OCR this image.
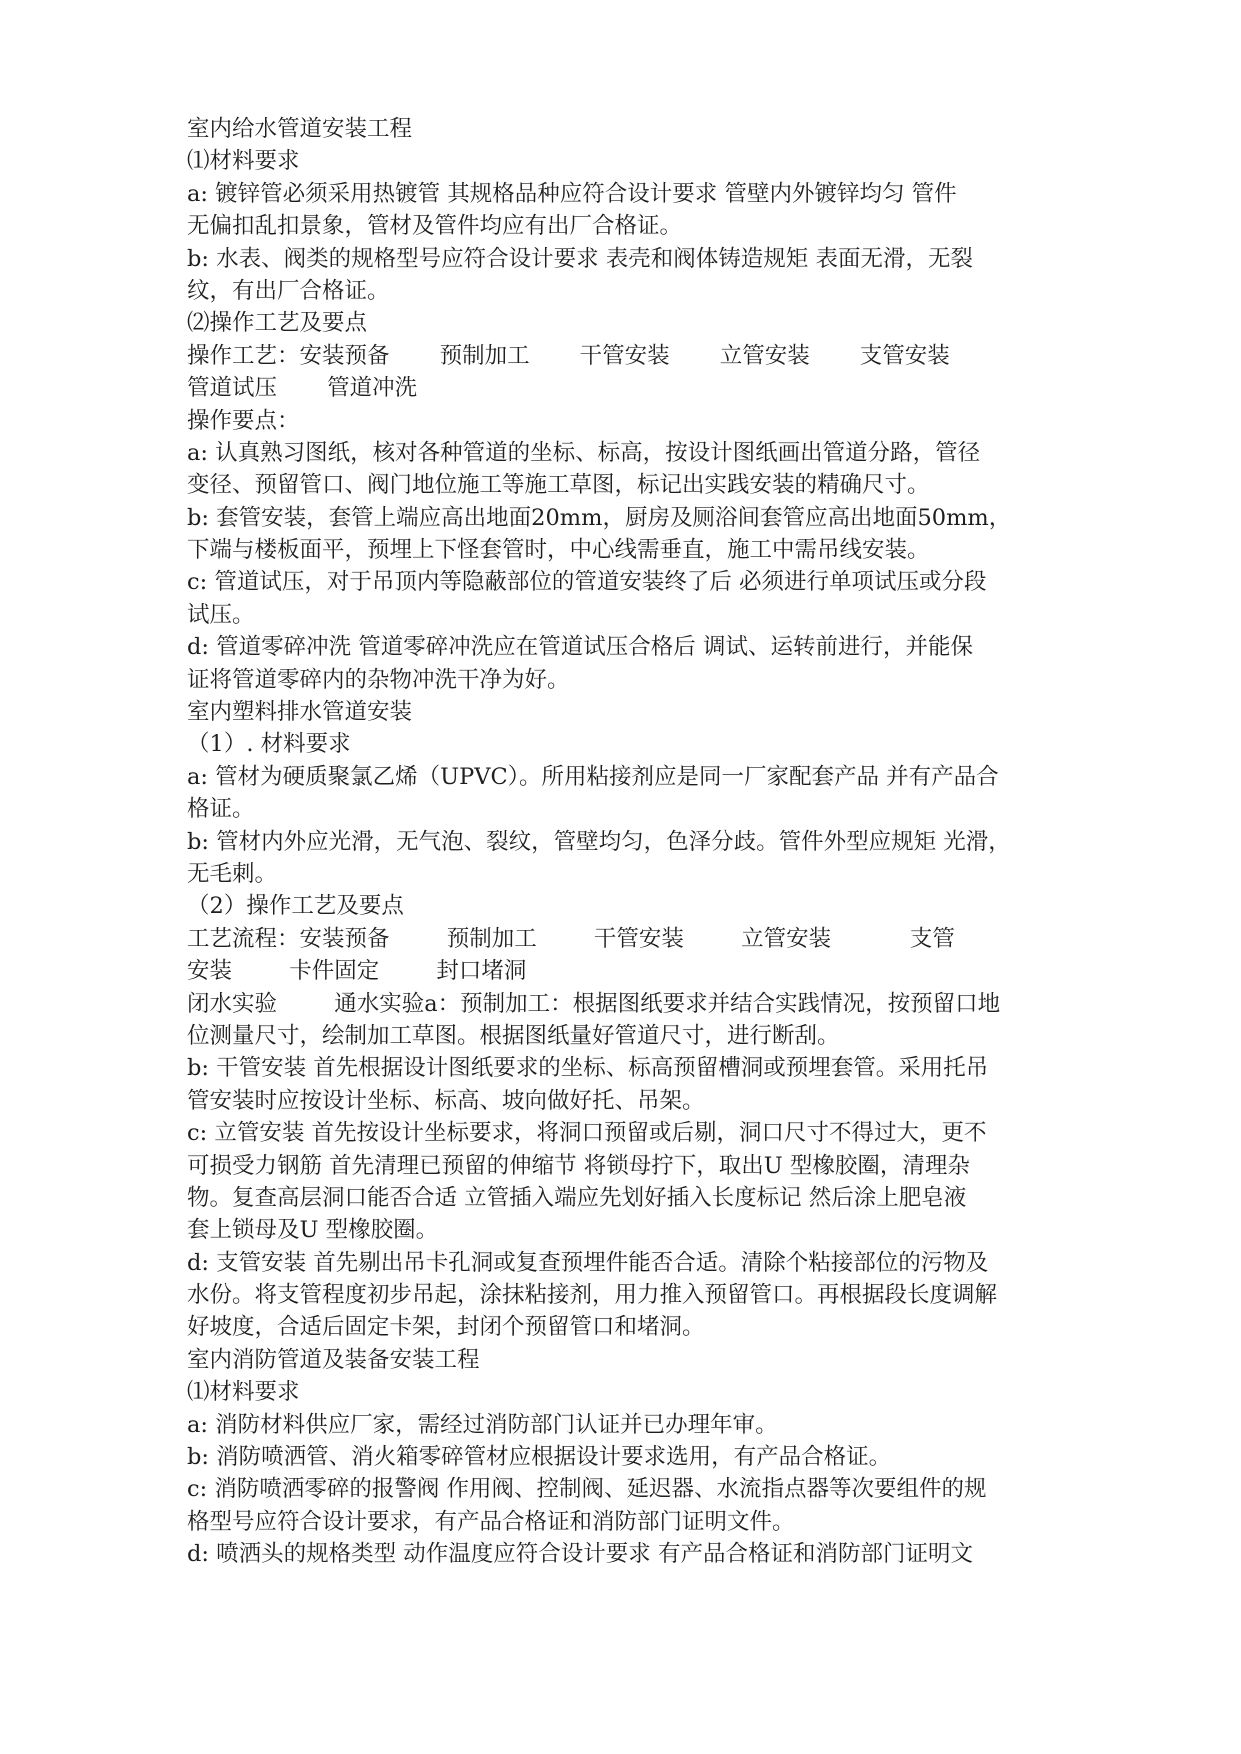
室内给水管道安装工程
⑴材料要求
a: 镀锌管必须采用热镀管 其规格品种应符合设计要求 管壁内外镀锌均匀 管件
无偏扣乱扣景象，管材及管件均应有出厂合格证。
b: 水表、阀类的规格型号应符合设计要求 表壳和阀体铸造规矩 表面无滑，无裂
纹，有出厂合格证。
⑵操作工艺及要点
操作工艺：安装预备       预制加工       干管安装       立管安装       支管安装
管道试压       管道冲洗
操作要点：
a: 认真熟习图纸，核对各种管道的坐标、标高，按设计图纸画出管道分路，管径
变径、预留管口、阀门地位施工等施工草图，标记出实践安装的精确尺寸。
b: 套管安装，套管上端应高出地面20mm，厨房及厕浴间套管应高出地面50mm，
下端与楼板面平，预埋上下怪套管时，中心线需垂直，施工中需吊线安装。
c: 管道试压，对于吊顶内等隐蔽部位的管道安装终了后 必须进行单项试压或分段
试压。
d: 管道零碎冲洗 管道零碎冲洗应在管道试压合格后 调试、运转前进行，并能保
证将管道零碎内的杂物冲洗干净为好。
室内塑料排水管道安装
（1）. 材料要求
a: 管材为硬质聚氯乙烯（UPVC）。所用粘接剂应是同一厂家配套产品 并有产品合
格证。
b: 管材内外应光滑，无气泡、裂纹，管壁均匀，色泽分歧。管件外型应规矩 光滑，
无毛刺。
（2）操作工艺及要点
工艺流程：安装预备        预制加工        干管安装        立管安装           支管
安装        卡件固定        封口堵洞
闭水实验        通水实验a：预制加工：根据图纸要求并结合实践情况，按预留口地
位测量尺寸，绘制加工草图。根据图纸量好管道尺寸，进行断刮。
b: 干管安装 首先根据设计图纸要求的坐标、标高预留槽洞或预埋套管。采用托吊
管安装时应按设计坐标、标高、坡向做好托、吊架。
c: 立管安装 首先按设计坐标要求，将洞口预留或后剔，洞口尺寸不得过大，更不
可损受力钢筋 首先清理已预留的伸缩节 将锁母拧下，取出U 型橡胶圈，清理杂
物。复查高层洞口能否合适 立管插入端应先划好插入长度标记 然后涂上肥皂液
套上锁母及U 型橡胶圈。
d: 支管安装 首先剔出吊卡孔洞或复查预埋件能否合适。清除个粘接部位的污物及
水份。将支管程度初步吊起，涂抹粘接剂，用力推入预留管口。再根据段长度调解
好坡度，合适后固定卡架，封闭个预留管口和堵洞。
室内消防管道及装备安装工程
⑴材料要求
a: 消防材料供应厂家，需经过消防部门认证并已办理年审。
b: 消防喷洒管、消火箱零碎管材应根据设计要求选用，有产品合格证。
c: 消防喷洒零碎的报警阀 作用阀、控制阀、延迟器、水流指点器等次要组件的规
格型号应符合设计要求，有产品合格证和消防部门证明文件。
d: 喷洒头的规格类型 动作温度应符合设计要求 有产品合格证和消防部门证明文
